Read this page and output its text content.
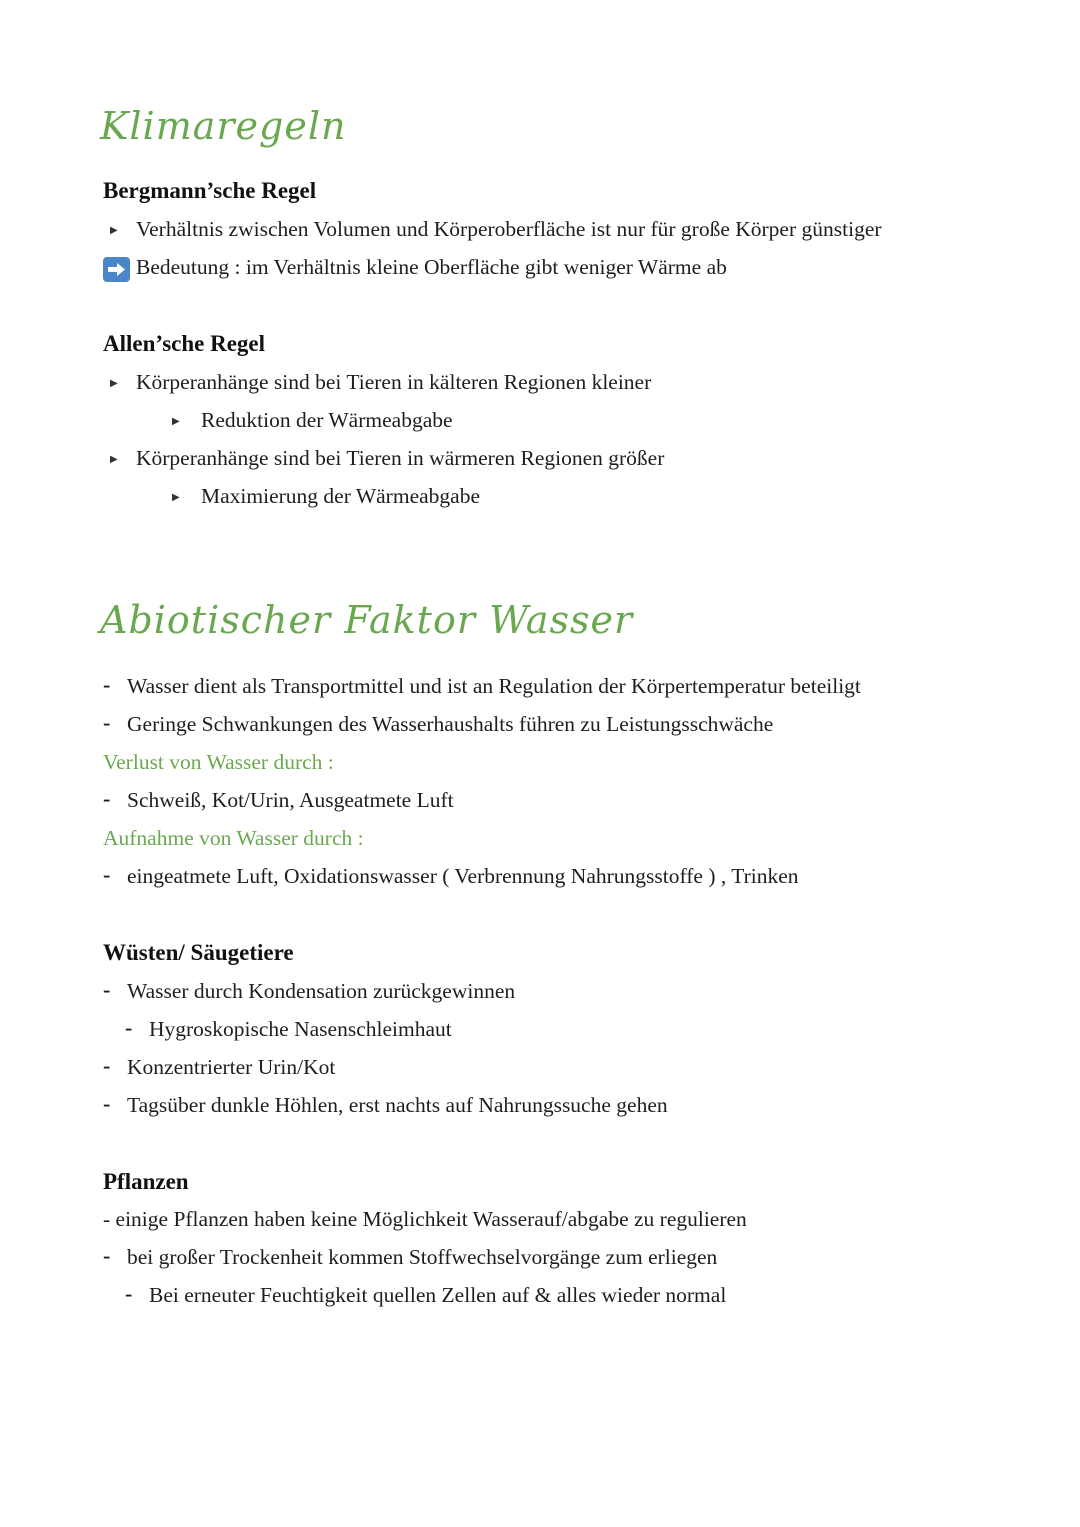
Klimaregeln
Bergmann’sche Regel
▶ Verhältnis zwischen Volumen und Körperoberfläche ist nur für große Körper günstiger
Bedeutung : im Verhältnis kleine Oberfläche gibt weniger Wärme ab
Allen’sche Regel
▶ Körperanhänge sind bei Tieren in kälteren Regionen kleiner
▶ Reduktion der Wärmeabgabe
▶ Körperanhänge sind bei Tieren in wärmeren Regionen größer
▶ Maximierung der Wärmeabgabe
Abiotischer Faktor Wasser
- Wasser dient als Transportmittel und ist an Regulation der Körpertemperatur beteiligt
- Geringe Schwankungen des Wasserhaushalts führen zu Leistungsschwäche
Verlust von Wasser durch :
- Schweiß, Kot/Urin, Ausgeatmete Luft
Aufnahme von Wasser durch :
- eingeatmete Luft, Oxidationswasser ( Verbrennung Nahrungsstoffe ) , Trinken
Wüsten/ Säugetiere
- Wasser durch Kondensation zurückgewinnen
- Hygroskopische Nasenschleimhaut
- Konzentrierter Urin/Kot
- Tagsüber dunkle Höhlen, erst nachts auf Nahrungssuche gehen
Pflanzen
- einige Pflanzen haben keine Möglichkeit Wasserauf/abgabe zu regulieren
- bei großer Trockenheit kommen Stoffwechselvorgänge zum erliegen
- Bei erneuter Feuchtigkeit quellen Zellen auf & alles wieder normal
